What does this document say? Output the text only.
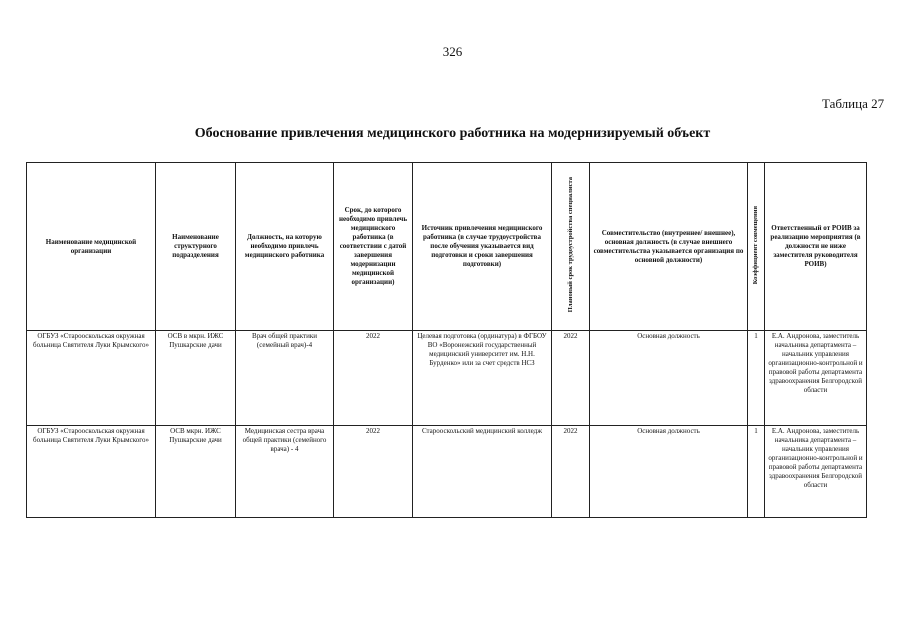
326
Таблица 27
Обоснование привлечения медицинского работника на модернизируемый объект
Наименование медицинской организации	Наименование структурного подразделения	Должность, на которую необходимо привлечь медицинского работника	Срок, до которого необходимо привлечь медицинского работника (в соответствии с датой завершения модернизации медицинской организации)	Источник привлечения медицинского работника (в случае трудоустройства после обучения указывается вид подготовки и сроки завершения подготовки)	Плановый срок трудоустройства специалиста	Совместительство (внутреннее/ внешнее), основная должность (в случае внешнего совместительства указывается организация по основной должности)	Коэффициент совмещения	Ответственный от РОИВ за реализацию мероприятия (в должности не ниже заместителя руководителя РОИВ)
ОГБУЗ «Старооскольская окружная больница Святителя Луки Крымского»	ОСВ в мкрн. ИЖС Пушкарские дачи	Врач общей практики (семейный врач)-4	2022	Целевая подготовка (ординатура) в ФГБОУ ВО «Воронежский государственный медицинский университет им. Н.Н. Бурденко» или за счет средств НСЗ	2022	Основная должность	1	Е.А. Андронова, заместитель начальника департамента – начальник управления организационно-контрольной и правовой работы департамента здравоохранения Белгородской области
ОГБУЗ «Старооскольская окружная больница Святителя Луки Крымского»	ОСВ мкрн. ИЖС Пушкарские дачи	Медицинская сестра врача общей практики (семейного врача) - 4	2022	Старооскольский медицинский колледж	2022	Основная должность	1	Е.А. Андронова, заместитель начальника департамента – начальник управления организационно-контрольной и правовой работы департамента здравоохранения Белгородской области
